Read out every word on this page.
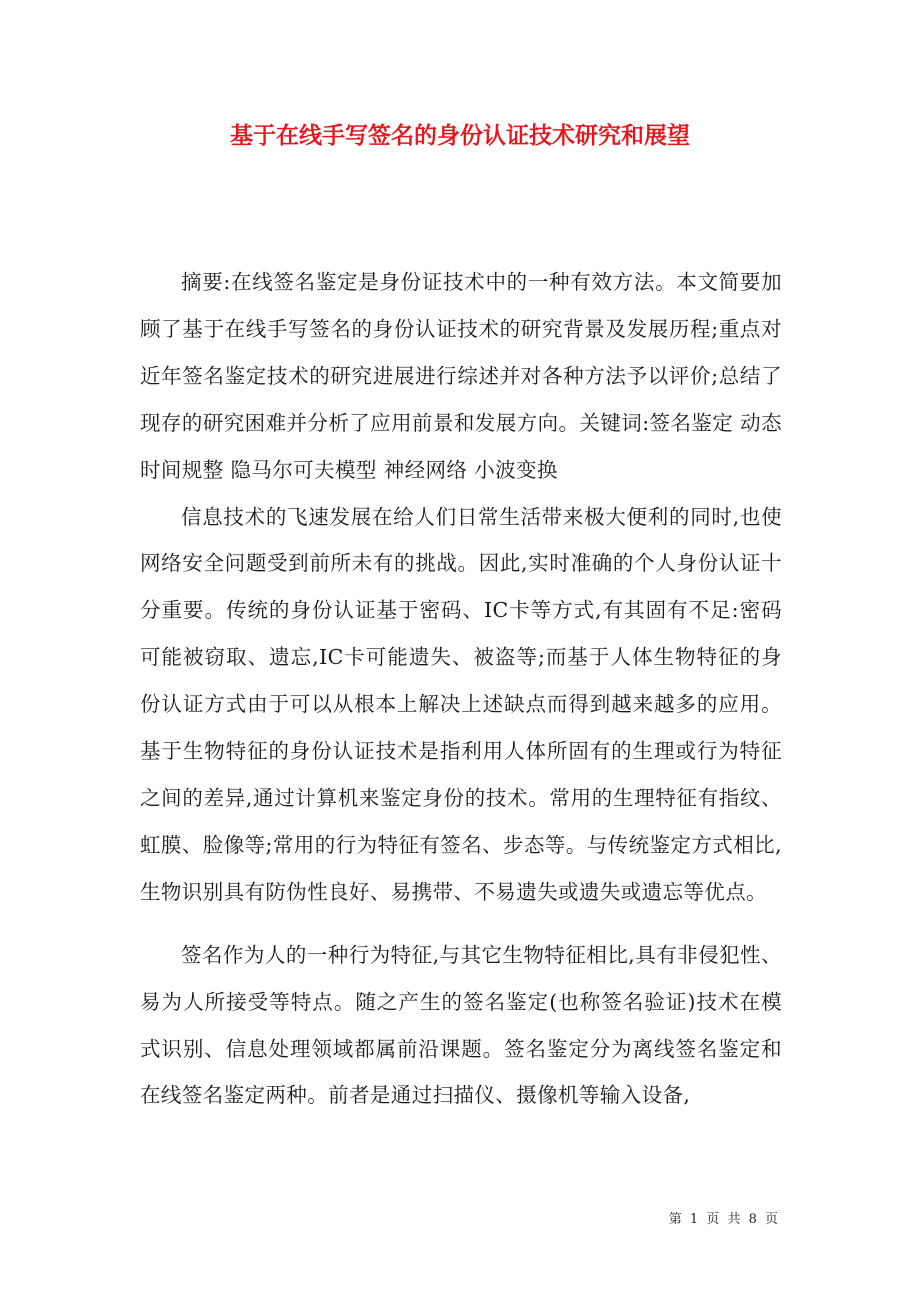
基于在线手写签名的身份认证技术研究和展望

摘要:在线签名鉴定是身份证技术中的一种有效方法。本文简要加顾了基于在线手写签名的身份认证技术的研究背景及发展历程;重点对近年签名鉴定技术的研究进展进行综述并对各种方法予以评价;总结了现存的研究困难并分析了应用前景和发展方向。关键词:签名鉴定 动态时间规整 隐马尔可夫模型 神经网络 小波变换

信息技术的飞速发展在给人们日常生活带来极大便利的同时,也使网络安全问题受到前所未有的挑战。因此,实时准确的个人身份认证十分重要。传统的身份认证基于密码、IC卡等方式,有其固有不足:密码可能被窃取、遗忘,IC卡可能遗失、被盗等;而基于人体生物特征的身份认证方式由于可以从根本上解决上述缺点而得到越来越多的应用。基于生物特征的身份认证技术是指利用人体所固有的生理或行为特征之间的差异,通过计算机来鉴定身份的技术。常用的生理特征有指纹、虹膜、脸像等;常用的行为特征有签名、步态等。与传统鉴定方式相比,生物识别具有防伪性良好、易携带、不易遗失或遗失或遗忘等优点。

签名作为人的一种行为特征,与其它生物特征相比,具有非侵犯性、易为人所接受等特点。随之产生的签名鉴定(也称签名验证)技术在模式识别、信息处理领域都属前沿课题。签名鉴定分为离线签名鉴定和在线签名鉴定两种。前者是通过扫描仪、摄像机等输入设备,

第 1 页 共 8 页
